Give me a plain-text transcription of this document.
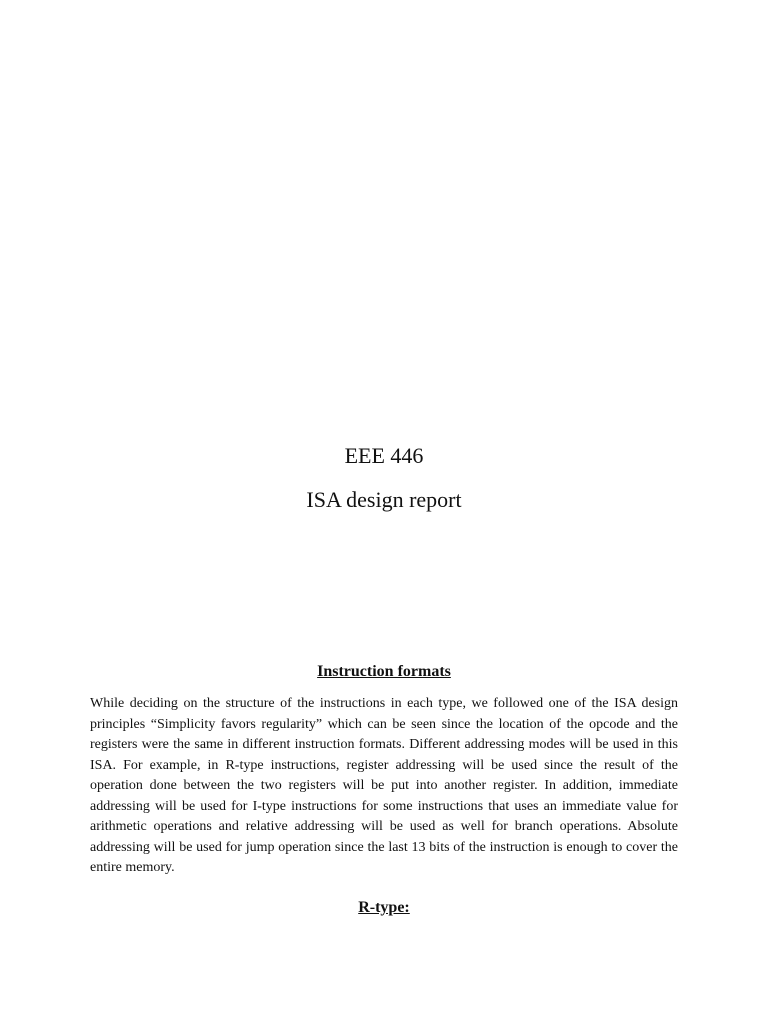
EEE 446
ISA design report
Instruction formats

While deciding on the structure of the instructions in each type, we followed one of the ISA design principles “Simplicity favors regularity” which can be seen since the location of the opcode and the registers were the same in different instruction formats. Different addressing modes will be used in this ISA. For example, in R-type instructions, register addressing will be used since the result of the operation done between the two registers will be put into another register. In addition, immediate addressing will be used for I-type instructions for some instructions that uses an immediate value for arithmetic operations and relative addressing will be used as well for branch operations. Absolute addressing will be used for jump operation since the last 13 bits of the instruction is enough to cover the entire memory.

R-type:
